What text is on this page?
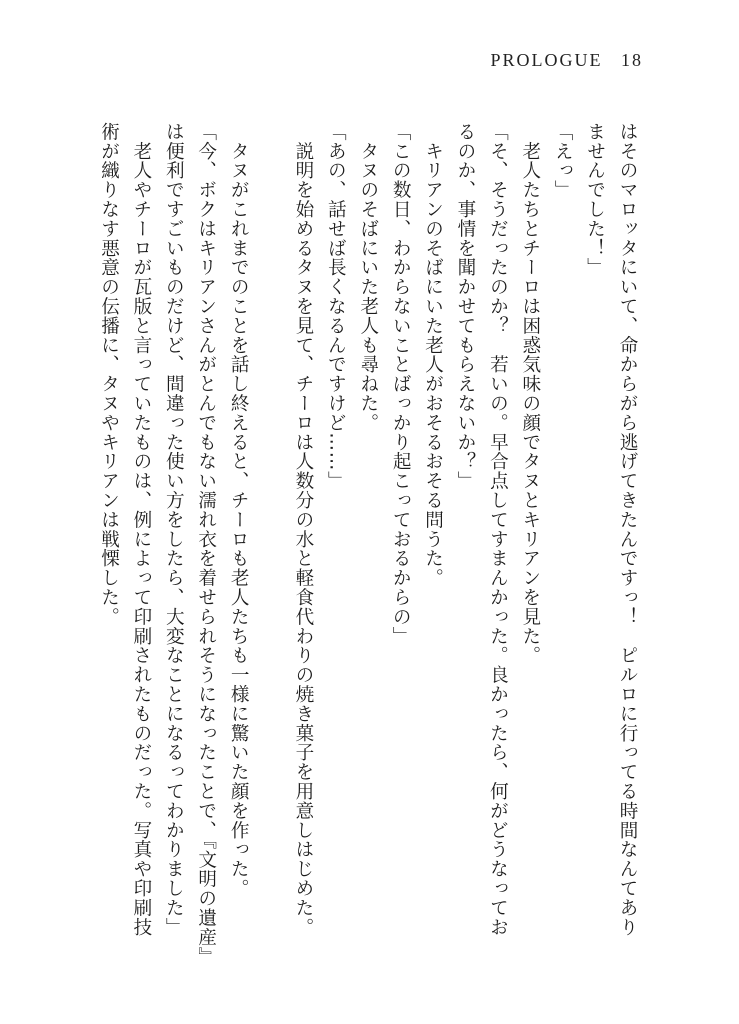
PROLOGUE 18
はそのマロッタにいて、命からがら逃げてきたんですっ！　ピルロに行ってる時間なんてあり
ませんでした！」
「えっ」
　老人たちとチーロは困惑気味の顔でタヌとキリアンを見た。
「そ、そうだったのか？　若いの。早合点してすまんかった。良かったら、何がどうなってお
るのか、事情を聞かせてもらえないか？」
　キリアンのそばにいた老人がおそるおそる問うた。
「この数日、わからないことばっかり起こっておるからの」
　タヌのそばにいた老人も尋ねた。
「あの、話せば長くなるんですけど……」
　説明を始めるタヌを見て、チーロは人数分の水と軽食代わりの焼き菓子を用意しはじめた。
　タヌがこれまでのことを話し終えると、チーロも老人たちも一様に驚いた顔を作った。
「今、ボクはキリアンさんがとんでもない濡れ衣を着せられそうになったことで、『文明の遺産』
は便利ですごいものだけど、間違った使い方をしたら、大変なことになるってわかりました」
　老人やチーロが瓦版と言っていたものは、例によって印刷されたものだった。写真や印刷技
術が織りなす悪意の伝播に、タヌやキリアンは戦慄した。
